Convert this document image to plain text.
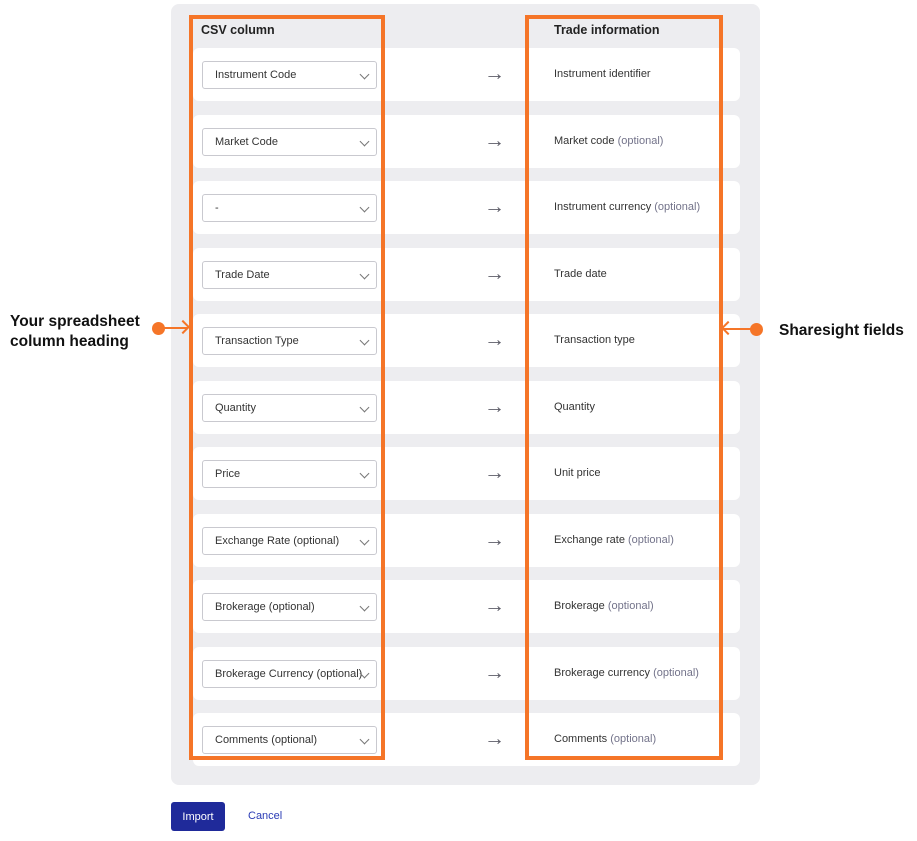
CSV column	Trade information
Instrument Code	→	Instrument identifier
Market Code	→	Market code (optional)
-	→	Instrument currency (optional)
Trade Date	→	Trade date
Transaction Type	→	Transaction type
Quantity	→	Quantity
Price	→	Unit price
Exchange Rate (optional)	→	Exchange rate (optional)
Brokerage (optional)	→	Brokerage (optional)
Brokerage Currency (optional)	→	Brokerage currency (optional)
Comments (optional)	→	Comments (optional)
Your spreadsheet column heading
Sharesight fields
Import	Cancel
